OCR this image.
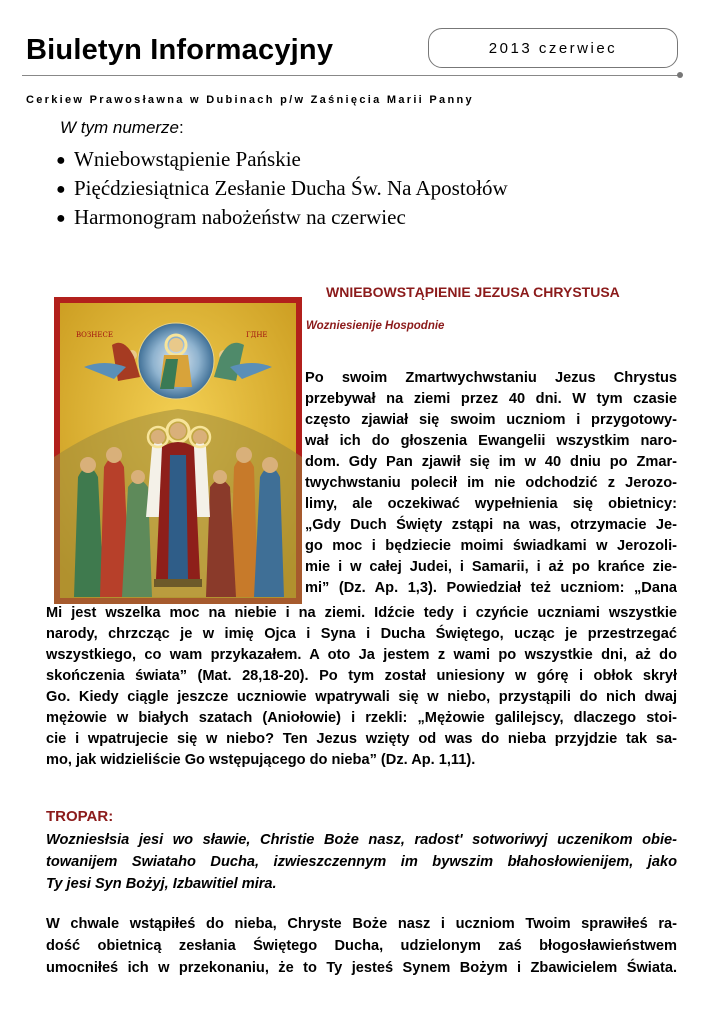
Biuletyn Informacyjny	2013 czerwiec
Cerkiew Prawosławna w Dubinach p/w Zaśnięcia Marii Panny
W tym numerze:
● Wniebowstąpienie Pańskie
● Pięćdziesiątnica Zesłanie Ducha Św. Na Apostołów
● Harmonogram nabożeństw na czerwiec
ВОЗНЕСЕ	ГДНЕ
WNIEBOWSTĄPIENIE JEZUSA CHRYSTUSA
Wozniesienije Hospodnie
Po swoim Zmartwychwstaniu Jezus Chrystus
przebywał na ziemi przez 40 dni. W tym czasie
często zjawiał się swoim uczniom i przygotowy-
wał ich do głoszenia Ewangelii wszystkim naro-
dom. Gdy Pan zjawił się im w 40 dniu po Zmar-
twychwstaniu polecił im nie odchodzić z Jerozo-
limy, ale oczekiwać wypełnienia się obietnicy:
„Gdy Duch Święty zstąpi na was, otrzymacie Je-
go moc i będziecie moimi świadkami w Jerozoli-
mie i w całej Judei, i Samarii, i aż po krańce zie-
mi” (Dz. Ap. 1,3). Powiedział też uczniom: „Dana
Mi jest wszelka moc na niebie i na ziemi. Idźcie tedy i czyńcie uczniami wszystkie
narody, chrzcząc je w imię Ojca i Syna i Ducha Świętego, ucząc je przestrzegać
wszystkiego, co wam przykazałem. A oto Ja jestem z wami po wszystkie dni, aż do
skończenia świata” (Mat. 28,18-20). Po tym został uniesiony w górę i obłok skrył
Go. Kiedy ciągle jeszcze uczniowie wpatrywali się w niebo, przystąpili do nich dwaj
mężowie w białych szatach (Aniołowie) i rzekli: „Mężowie galilejscy, dlaczego stoi-
cie i wpatrujecie się w niebo? Ten Jezus wzięty od was do nieba przyjdzie tak sa-
mo, jak widzieliście Go wstępującego do nieba” (Dz. Ap. 1,11).
TROPAR:
Wozniesłsia jesi wo sławie, Christie Boże nasz, radost' sotworiwyj uczenikom obie-
towanijem Swiataho Ducha, izwieszczennym im bywszim błahosłowienijem, jako
Ty jesi Syn Bożyj, Izbawitiel mira.
W chwale wstąpiłeś do nieba, Chryste Boże nasz i uczniom Twoim sprawiłeś ra-
dość obietnicą zesłania Świętego Ducha, udzielonym zaś błogosławieństwem
umocniłeś ich w przekonaniu, że to Ty jesteś Synem Bożym i Zbawicielem Świata.
